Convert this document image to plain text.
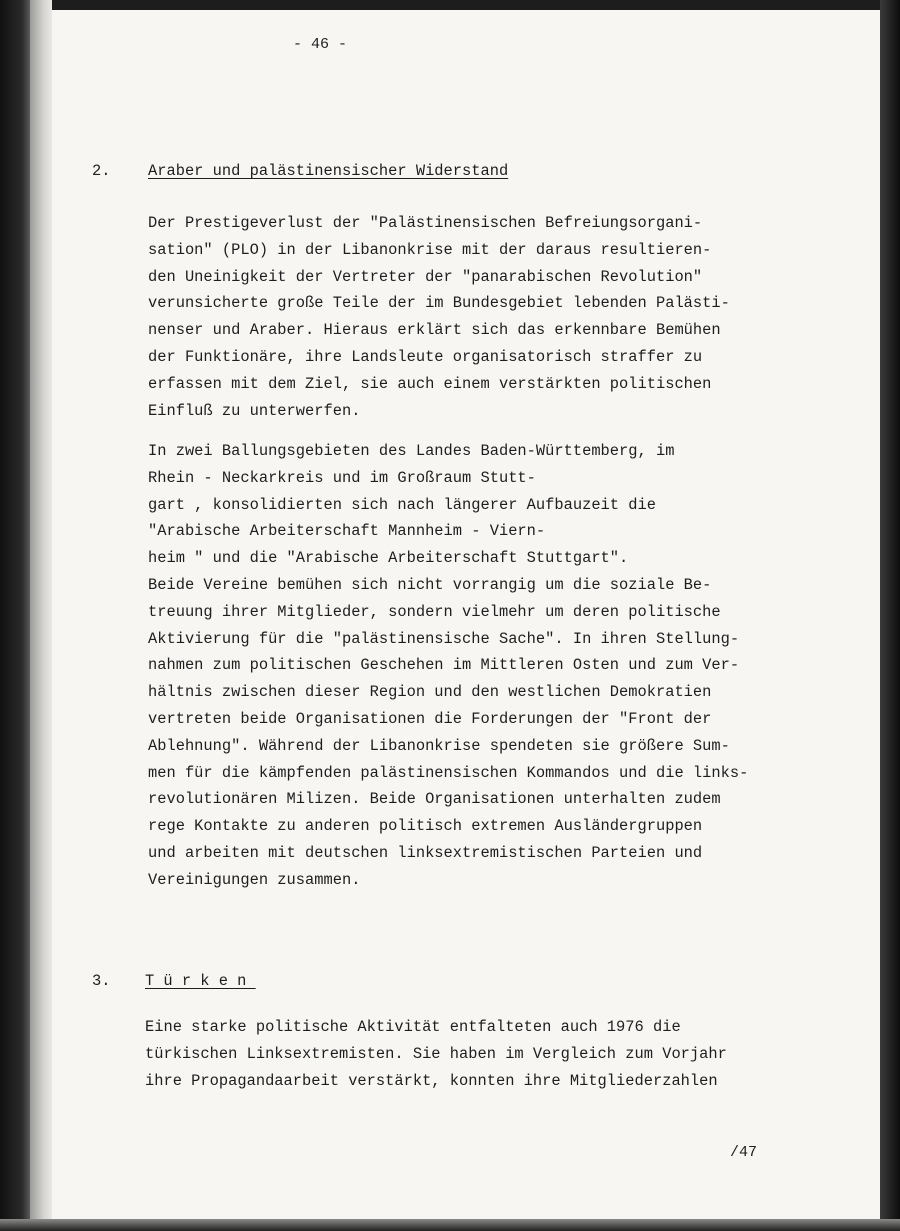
- 46 -

2. Araber und palästinensischer Widerstand

Der Prestigeverlust der "Palästinensischen Befreiungsorgani-
sation" (PLO) in der Libanonkrise mit der daraus resultieren-
den Uneinigkeit der Vertreter der "panarabischen Revolution"
verunsicherte große Teile der im Bundesgebiet lebenden Palästi-
nenser und Araber. Hieraus erklärt sich das erkennbare Bemühen
der Funktionäre, ihre Landsleute organisatorisch straffer zu
erfassen mit dem Ziel, sie auch einem verstärkten politischen
Einfluß zu unterwerfen.
In zwei Ballungsgebieten des Landes Baden-Württemberg, im
Rhein - Neckarkreis und im Großraum Stutt-
gart , konsolidierten sich nach längerer Aufbauzeit die
"Arabische Arbeiterschaft Mannheim - Viern-
heim " und die "Arabische Arbeiterschaft Stuttgart".
Beide Vereine bemühen sich nicht vorrangig um die soziale Be-
treuung ihrer Mitglieder, sondern vielmehr um deren politische
Aktivierung für die "palästinensische Sache". In ihren Stellung-
nahmen zum politischen Geschehen im Mittleren Osten und zum Ver-
hältnis zwischen dieser Region und den westlichen Demokratien
vertreten beide Organisationen die Forderungen der "Front der
Ablehnung". Während der Libanonkrise spendeten sie größere Sum-
men für die kämpfenden palästinensischen Kommandos und die links-
revolutionären Milizen. Beide Organisationen unterhalten zudem
rege Kontakte zu anderen politisch extremen Ausländergruppen
und arbeiten mit deutschen linksextremistischen Parteien und
Vereinigungen zusammen.

3. Türken

Eine starke politische Aktivität entfalteten auch 1976 die
türkischen Linksextremisten. Sie haben im Vergleich zum Vorjahr
ihre Propagandaarbeit verstärkt, konnten ihre Mitgliederzahlen

/47
